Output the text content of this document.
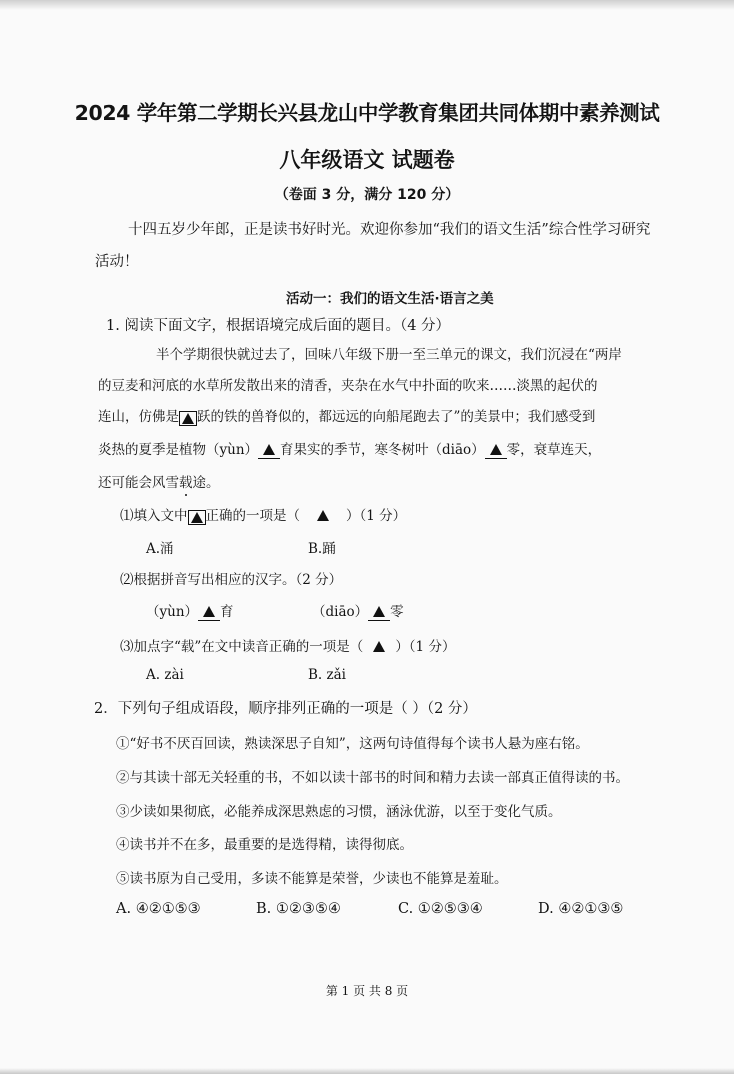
2024 学年第二学期长兴县龙山中学教育集团共同体期中素养测试
八年级语文 试题卷
（卷面 3 分，满分 120 分）
十四五岁少年郎，正是读书好时光。欢迎你参加“我们的语文生活”综合性学习研究
活动！
活动一：我们的语文生活·语言之美
1. 阅读下面文字，根据语境完成后面的题目。（4 分）
半个学期很快就过去了，回味八年级下册一至三单元的课文，我们沉浸在“两岸
的豆麦和河底的水草所发散出来的清香，夹杂在水气中扑面的吹来……淡黑的起伏的
连山，仿佛是 跃的铁的兽脊似的，都远远的向船尾跑去了”的美景中；我们感受到
炎热的夏季是植物（yùn） 育果实的季节，寒冬树叶（diāo） 零，衰草连天，
还可能会风雪载途。
⑴填入文中 正确的一项是（	）（1 分）
A.涌	B.踊
⑵根据拼音写出相应的汉字。（2 分）
（yùn） 育	（diāo） 零
⑶加点字“载”在文中读音正确的一项是（ ）（1 分）
A. zài	B. zǎi
2．下列句子组成语段，顺序排列正确的一项是（ ）（2 分）
①“好书不厌百回读，熟读深思子自知”，这两句诗值得每个读书人悬为座右铭。
②与其读十部无关轻重的书，不如以读十部书的时间和精力去读一部真正值得读的书。
③少读如果彻底，必能养成深思熟虑的习惯，涵泳优游，以至于变化气质。
④读书并不在多，最重要的是选得精，读得彻底。
⑤读书原为自己受用，多读不能算是荣誉，少读也不能算是羞耻。
A. ④②①⑤③	B. ①②③⑤④	C. ①②⑤③④	D. ④②①③⑤
第 1 页 共 8 页
